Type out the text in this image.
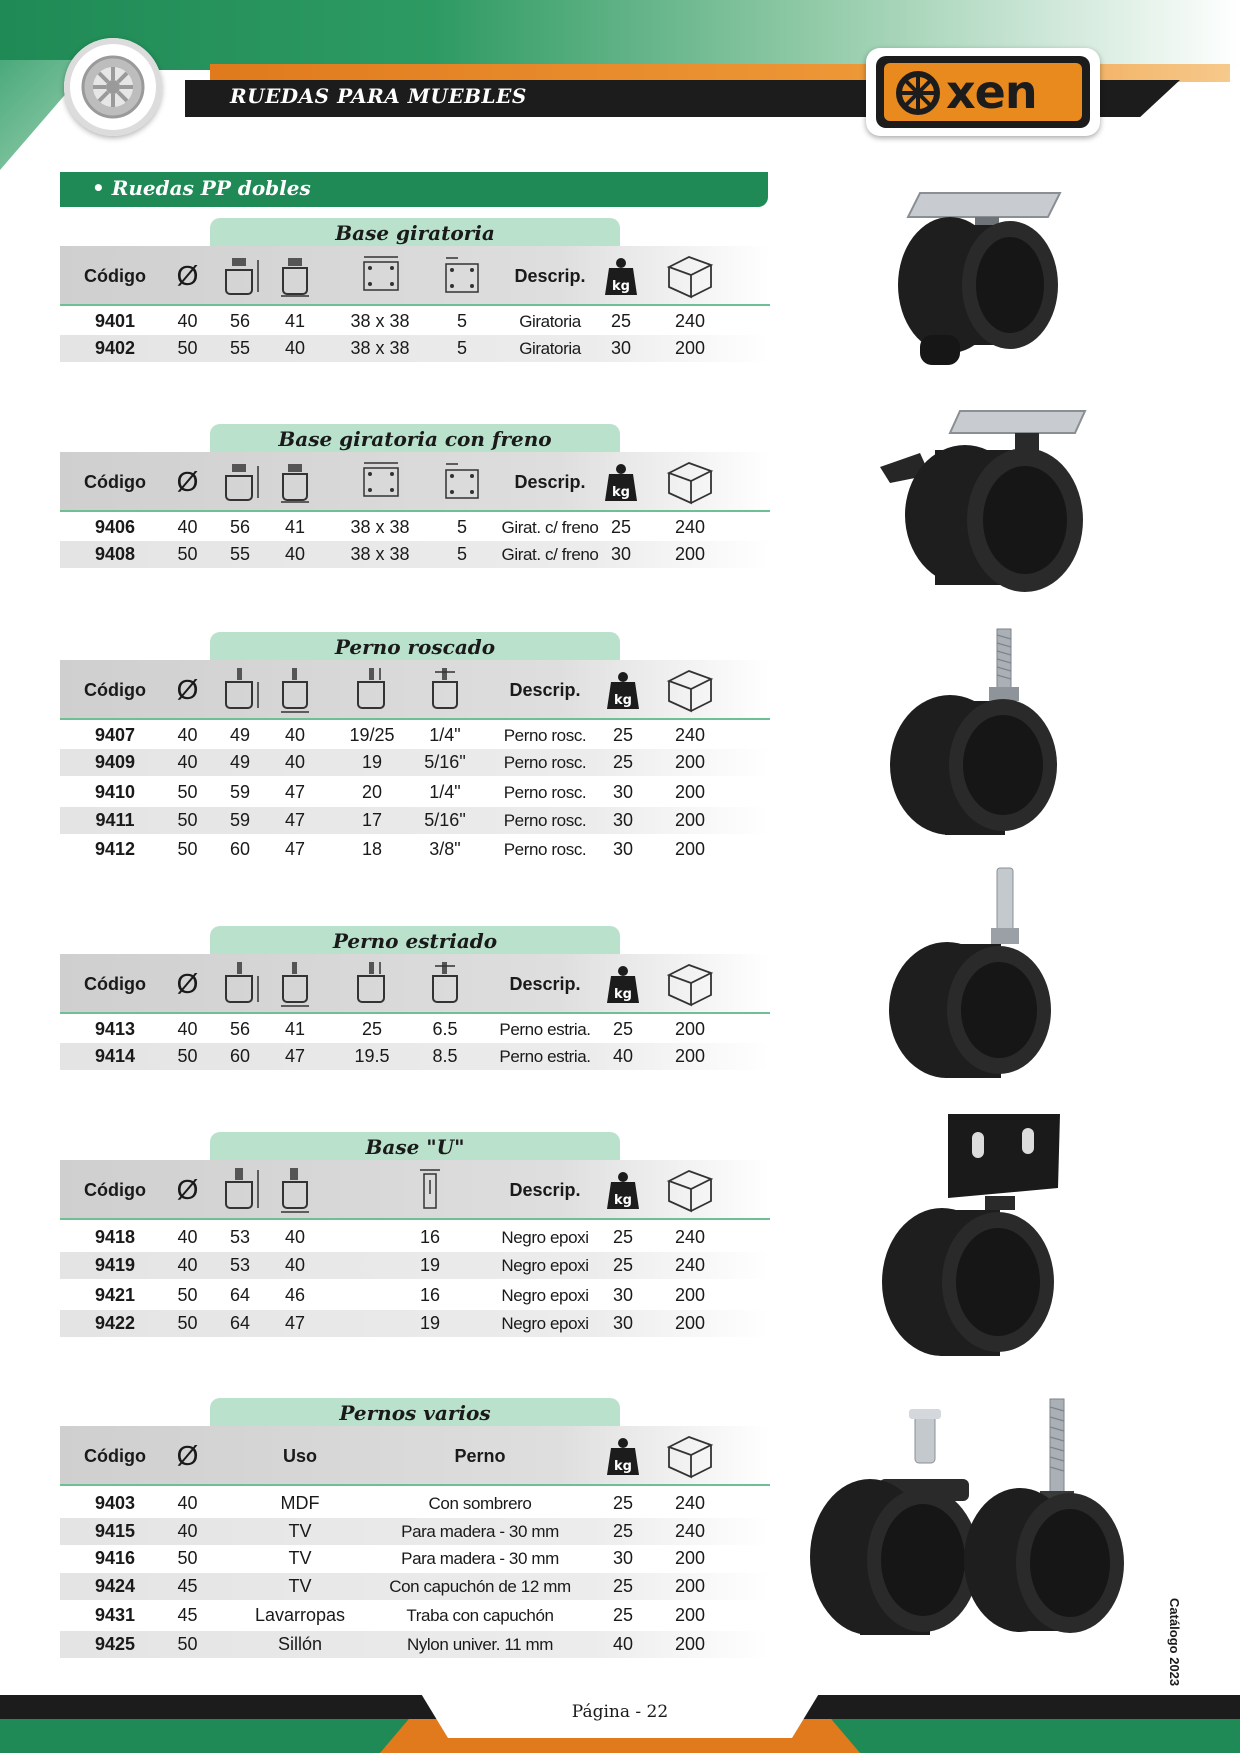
RUEDAS PARA MUEBLES	xen
• Ruedas PP dobles
Base giratoria
Código	Ø	Descrip.
kg
9401	40	56	41	38 x 38	5	Giratoria	25	240
9402	50	55	40	38 x 38	5	Giratoria	30	200
Base giratoria con freno
Código	Ø	Descrip.
kg
9406	40	56	41	38 x 38	5	Girat. c/ freno 25	240
9408	50	55	40	38 x 38	5	Girat. c/ freno 30	200
Perno roscado
Código	Ø	Descrip.
kg
9407	40	49	40	19/25	1/4"	Perno rosc.	25	240
9409	40	49	40	19	5/16"	Perno rosc.	25	200
9410	50	59	47	20	1/4"	Perno rosc.	30	200
9411	50	59	47	17	5/16"	Perno rosc.	30	200
9412	50	60	47	18	3/8"	Perno rosc.	30	200
Perno estriado
Código	Ø	Descrip.
kg
9413	40	56	41	25	6.5	Perno estria.	25	200
9414	50	60	47	19.5	8.5	Perno estria.	40	200
Base "U"
Código	Ø	Descrip.
kg
9418	40	53	40	16	Negro epoxi	25	240
9419	40	53	40	19	Negro epoxi	25	240
9421	50	64	46	16	Negro epoxi	30	200
9422	50	64	47	19	Negro epoxi	30	200
Pernos varios
Código	Ø	Uso	Perno
kg
9403	40	MDF	Con sombrero	25	240
9415	40	TV	Para madera - 30 mm	25	240
9416	50	TV	Para madera - 30 mm	30	200
9424	45	TV	Con capuchón de 12 mm	25	200
9431	45	Lavarropas	Traba con capuchón	25	200
9425	50	Sillón	Nylon univer. 11 mm	40	200	Catálogo 2023
Página - 22
